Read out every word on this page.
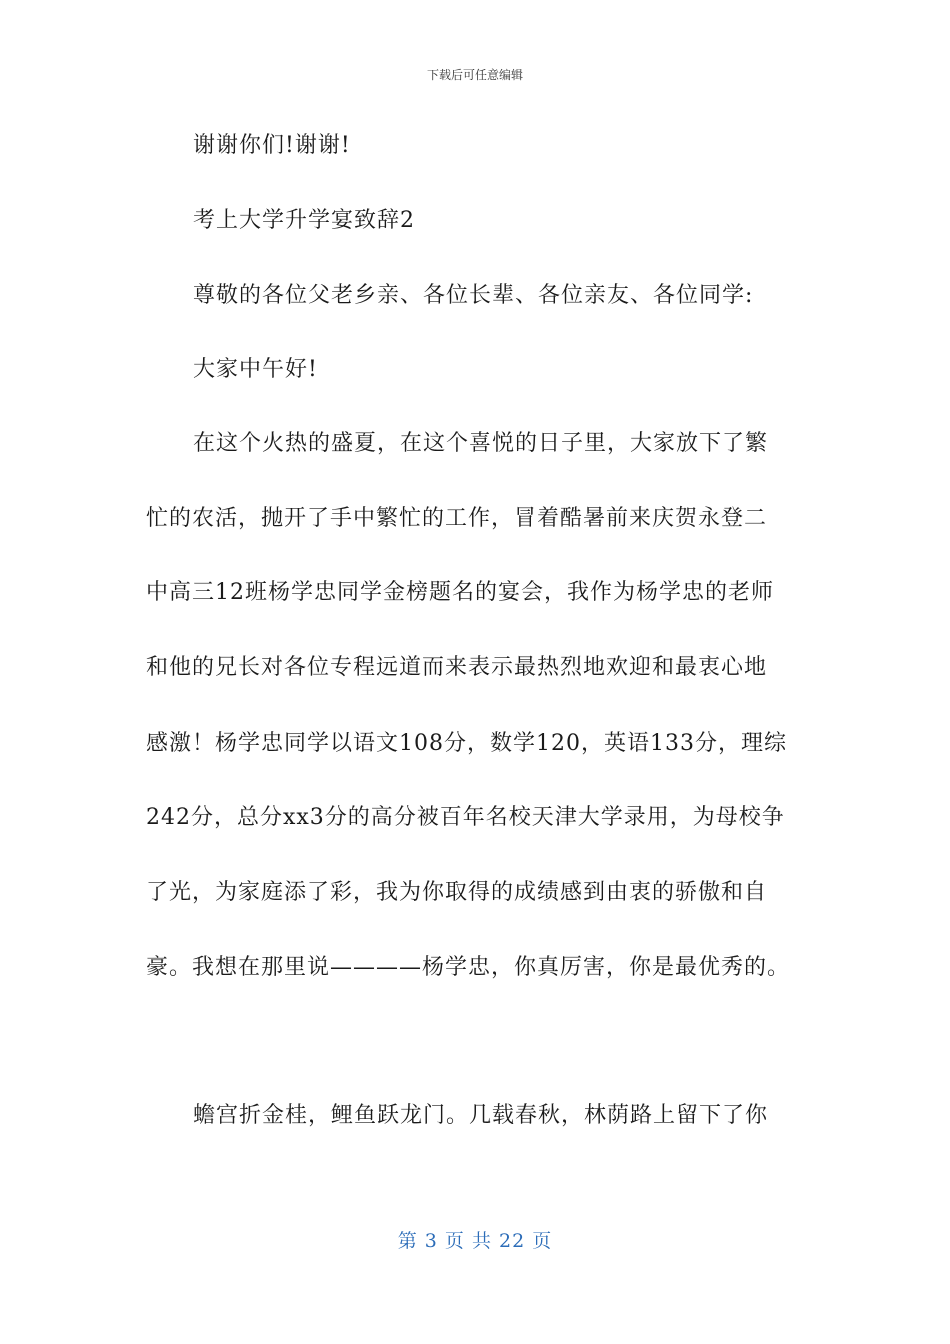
下载后可任意编辑
谢谢你们!谢谢!
考上大学升学宴致辞2
尊敬的各位父老乡亲、各位长辈、各位亲友、各位同学:
大家中午好!
在这个火热的盛夏，在这个喜悦的日子里，大家放下了繁
忙的农活，抛开了手中繁忙的工作，冒着酷暑前来庆贺永登二
中高三12班杨学忠同学金榜题名的宴会，我作为杨学忠的老师
和他的兄长对各位专程远道而来表示最热烈地欢迎和最衷心地
感激！杨学忠同学以语文108分，数学120，英语133分，理综
242分，总分xx3分的高分被百年名校天津大学录用，为母校争
了光，为家庭添了彩，我为你取得的成绩感到由衷的骄傲和自
豪。我想在那里说————杨学忠，你真厉害，你是最优秀的。
蟾宫折金桂，鲤鱼跃龙门。几载春秋，林荫路上留下了你
第 3 页 共 22 页
